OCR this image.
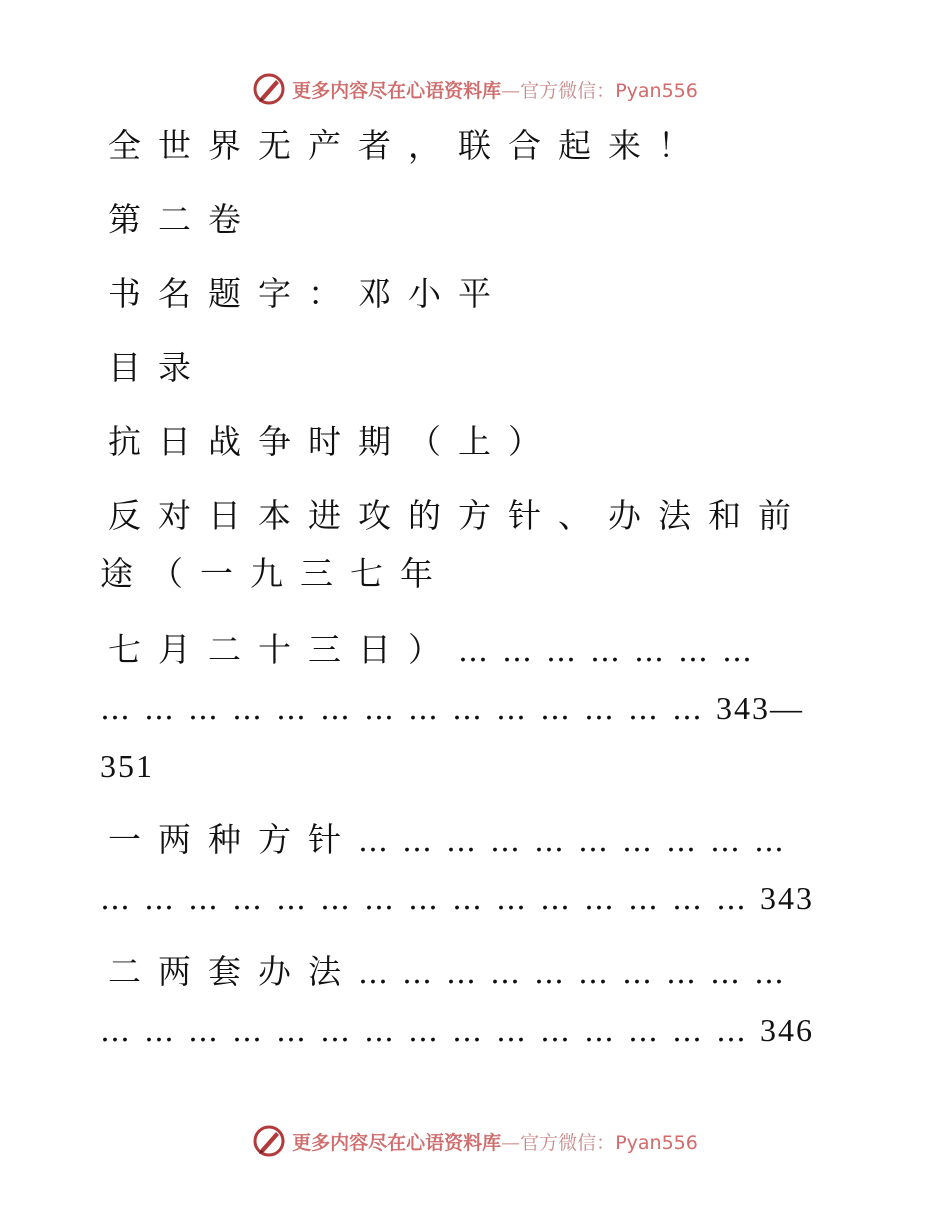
更多内容尽在心语资料库—官方微信：Pyan556
全世界无产者，联合起来！
第二卷
书名题字：邓小平
目录
抗日战争时期（上）
反对日本进攻的方针、办法和前
途（一九三七年
七月二十三日）…………………
……………………………………343—
351
一两种方针…………………………
………………………………………343
二两套办法…………………………
………………………………………346
更多内容尽在心语资料库—官方微信：Pyan556
